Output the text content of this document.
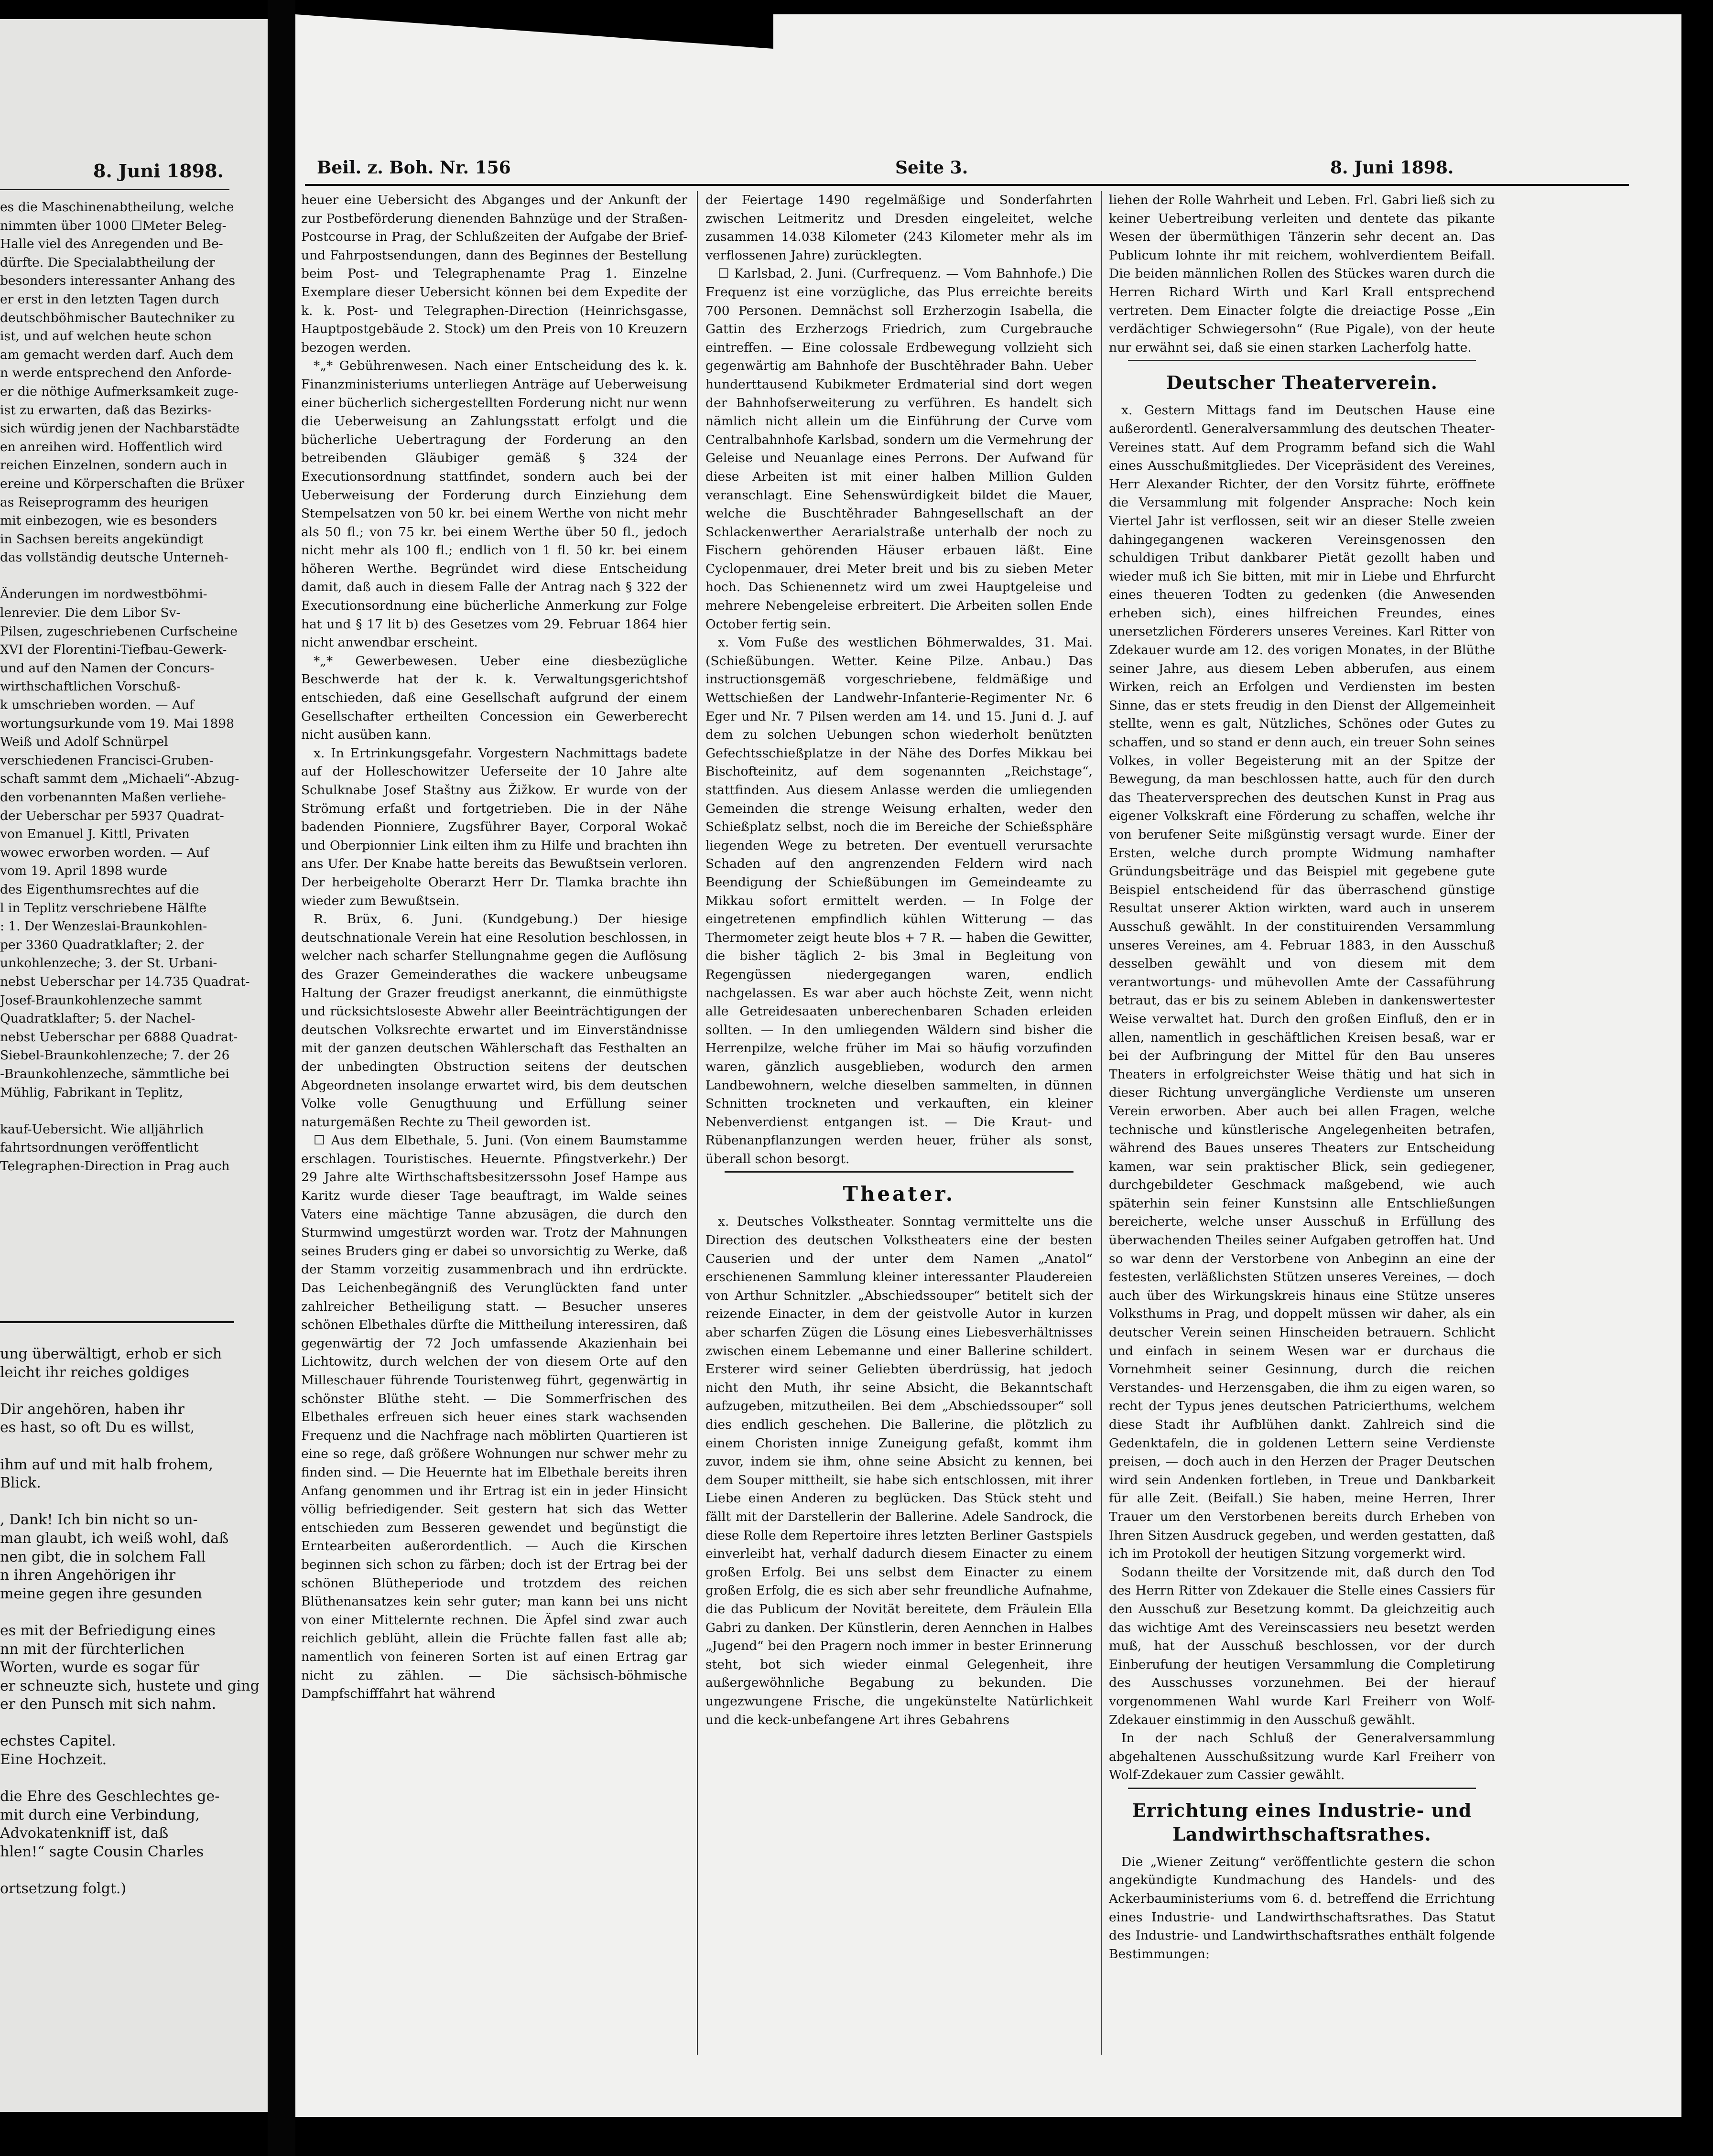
8. Juni 1898.
es die Maschinenabtheilung, welche
nimmten über 1000 ☐Meter Beleg-
Halle viel des Anregenden und Be-
dürfte. Die Specialabtheilung der
besonders interessanter Anhang des
er erst in den letzten Tagen durch
deutschböhmischer Bautechniker zu
ist, und auf welchen heute schon
am gemacht werden darf. Auch dem
n werde entsprechend den Anforde-
er die nöthige Aufmerksamkeit zuge-
ist zu erwarten, daß das Bezirks-
sich würdig jenen der Nachbarstädte
en anreihen wird. Hoffentlich wird
reichen Einzelnen, sondern auch in
ereine und Körperschaften die Brüxer
as Reiseprogramm des heurigen
mit einbezogen, wie es besonders
in Sachsen bereits angekündigt
das vollständig deutsche Unterneh-
Änderungen im nordwestböhmi-
lenrevier. Die dem Libor Sv-
Pilsen, zugeschriebenen Curfscheine
XVI der Florentini-Tiefbau-Gewerk-
und auf den Namen der Concurs-
wirthschaftlichen Vorschuß-
k umschrieben worden. — Auf
wortungsurkunde vom 19. Mai 1898
Weiß und Adolf Schnürpel
verschiedenen Francisci-Gruben-
schaft sammt dem „Michaeli“-Abzug-
den vorbenannten Maßen verliehe-
der Ueberschar per 5937 Quadrat-
von Emanuel J. Kittl, Privaten
wowec erworben worden. — Auf
vom 19. April 1898 wurde
des Eigenthumsrechtes auf die
l in Teplitz verschriebene Hälfte
: 1. Der Wenzeslai-Braunkohlen-
per 3360 Quadratklafter; 2. der
unkohlenzeche; 3. der St. Urbani-
nebst Ueberschar per 14.735 Quadrat-
Josef-Braunkohlenzeche sammt
Quadratklafter; 5. der Nachel-
nebst Ueberschar per 6888 Quadrat-
Siebel-Braunkohlenzeche; 7. der 26
-Braunkohlenzeche, sämmtliche bei
Mühlig, Fabrikant in Teplitz,
kauf-Uebersicht. Wie alljährlich
fahrtsordnungen veröffentlicht
Telegraphen-Direction in Prag auch
ung überwältigt, erhob er sich
leicht ihr reiches goldiges
Dir angehören, haben ihr
es hast, so oft Du es willst,
ihm auf und mit halb frohem,
Blick.
, Dank! Ich bin nicht so un-
man glaubt, ich weiß wohl, daß
nen gibt, die in solchem Fall
n ihren Angehörigen ihr
meine gegen ihre gesunden
es mit der Befriedigung eines
nn mit der fürchterlichen
Worten, wurde es sogar für
er schneuzte sich, hustete und ging
er den Punsch mit sich nahm.
echstes Capitel.
Eine Hochzeit.
die Ehre des Geschlechtes ge-
mit durch eine Verbindung,
Advokatenkniff ist, daß
hlen!“ sagte Cousin Charles
ortsetzung folgt.)
Beil. z. Boh. Nr. 156	Seite 3.	8. Juni 1898.

heuer eine Uebersicht des Abganges und der Ankunft der zur Postbeförderung dienenden Bahnzüge und der Straßen-Postcourse in Prag, der Schlußzeiten der Aufgabe der Brief- und Fahrpostsendungen, dann des Beginnes der Bestellung beim Post- und Telegraphenamte Prag 1. Einzelne Exemplare dieser Uebersicht können bei dem Expedite der k. k. Post- und Telegraphen-Direction (Heinrichsgasse, Hauptpostgebäude 2. Stock) um den Preis von 10 Kreuzern bezogen werden.

*„* Gebührenwesen. Nach einer Entscheidung des k. k. Finanzministeriums unterliegen Anträge auf Ueberweisung einer bücherlich sichergestellten Forderung nicht nur wenn die Ueberweisung an Zahlungsstatt erfolgt und die bücherliche Uebertragung der Forderung an den betreibenden Gläubiger gemäß § 324 der Executionsordnung stattfindet, sondern auch bei der Ueberweisung der Forderung durch Einziehung dem Stempelsatzen von 50 kr. bei einem Werthe von nicht mehr als 50 fl.; von 75 kr. bei einem Werthe über 50 fl., jedoch nicht mehr als 100 fl.; endlich von 1 fl. 50 kr. bei einem höheren Werthe. Begründet wird diese Entscheidung damit, daß auch in diesem Falle der Antrag nach § 322 der Executionsordnung eine bücherliche Anmerkung zur Folge hat und § 17 lit b) des Gesetzes vom 29. Februar 1864 hier nicht anwendbar erscheint.

*„* Gewerbewesen. Ueber eine diesbezügliche Beschwerde hat der k. k. Verwaltungsgerichtshof entschieden, daß eine Gesellschaft aufgrund der einem Gesellschafter ertheilten Concession ein Gewerberecht nicht ausüben kann.

x. In Ertrinkungsgefahr. Vorgestern Nachmittags badete auf der Holleschowitzer Ueferseite der 10 Jahre alte Schulknabe Josef Staštny aus Žižkow. Er wurde von der Strömung erfaßt und fortgetrieben. Die in der Nähe badenden Pionniere, Zugsführer Bayer, Corporal Wokač und Oberpionnier Link eilten ihm zu Hilfe und brachten ihn ans Ufer. Der Knabe hatte bereits das Bewußtsein verloren. Der herbeigeholte Oberarzt Herr Dr. Tlamka brachte ihn wieder zum Bewußtsein.

R. Brüx, 6. Juni. (Kundgebung.) Der hiesige deutschnationale Verein hat eine Resolution beschlossen, in welcher nach scharfer Stellungnahme gegen die Auflösung des Grazer Gemeinderathes die wackere unbeugsame Haltung der Grazer freudigst anerkannt, die einmüthigste und rücksichtsloseste Abwehr aller Beeinträchtigungen der deutschen Volksrechte erwartet und im Einverständnisse mit der ganzen deutschen Wählerschaft das Festhalten an der unbedingten Obstruction seitens der deutschen Abgeordneten insolange erwartet wird, bis dem deutschen Volke volle Genugthuung und Erfüllung seiner naturgemäßen Rechte zu Theil geworden ist.

☐ Aus dem Elbethale, 5. Juni. (Von einem Baumstamme erschlagen. Touristisches. Heuernte. Pfingstverkehr.) Der 29 Jahre alte Wirthschaftsbesitzerssohn Josef Hampe aus Karitz wurde dieser Tage beauftragt, im Walde seines Vaters eine mächtige Tanne abzusägen, die durch den Sturmwind umgestürzt worden war. Trotz der Mahnungen seines Bruders ging er dabei so unvorsichtig zu Werke, daß der Stamm vorzeitig zusammenbrach und ihn erdrückte. Das Leichenbegängniß des Verunglückten fand unter zahlreicher Betheiligung statt. — Besucher unseres schönen Elbethales dürfte die Mittheilung interessiren, daß gegenwärtig der 72 Joch umfassende Akazienhain bei Lichtowitz, durch welchen der von diesem Orte auf den Milleschauer führende Touristenweg führt, gegenwärtig in schönster Blüthe steht. — Die Sommerfrischen des Elbethales erfreuen sich heuer eines stark wachsenden Frequenz und die Nachfrage nach möblirten Quartieren ist eine so rege, daß größere Wohnungen nur schwer mehr zu finden sind. — Die Heuernte hat im Elbethale bereits ihren Anfang genommen und ihr Ertrag ist ein in jeder Hinsicht völlig befriedigender. Seit gestern hat sich das Wetter entschieden zum Besseren gewendet und begünstigt die Erntearbeiten außerordentlich. — Auch die Kirschen beginnen sich schon zu färben; doch ist der Ertrag bei der schönen Blütheperiode und trotzdem des reichen Blüthenansatzes kein sehr guter; man kann bei uns nicht von einer Mittelernte rechnen. Die Äpfel sind zwar auch reichlich geblüht, allein die Früchte fallen fast alle ab; namentlich von feineren Sorten ist auf einen Ertrag gar nicht zu zählen. — Die sächsisch-böhmische Dampfschifffahrt hat während

der Feiertage 1490 regelmäßige und Sonderfahrten zwischen Leitmeritz und Dresden eingeleitet, welche zusammen 14.038 Kilometer (243 Kilometer mehr als im verflossenen Jahre) zurücklegten.

☐ Karlsbad, 2. Juni. (Curfrequenz. — Vom Bahnhofe.) Die Frequenz ist eine vorzügliche, das Plus erreichte bereits 700 Personen. Demnächst soll Erzherzogin Isabella, die Gattin des Erzherzogs Friedrich, zum Curgebrauche eintreffen. — Eine colossale Erdbewegung vollzieht sich gegenwärtig am Bahnhofe der Buschtěhrader Bahn. Ueber hunderttausend Kubikmeter Erdmaterial sind dort wegen der Bahnhofserweiterung zu verführen. Es handelt sich nämlich nicht allein um die Einführung der Curve vom Centralbahnhofe Karlsbad, sondern um die Vermehrung der Geleise und Neuanlage eines Perrons. Der Aufwand für diese Arbeiten ist mit einer halben Million Gulden veranschlagt. Eine Sehenswürdigkeit bildet die Mauer, welche die Buschtěhrader Bahngesellschaft an der Schlackenwerther Aerarialstraße unterhalb der noch zu Fischern gehörenden Häuser erbauen läßt. Eine Cyclopenmauer, drei Meter breit und bis zu sieben Meter hoch. Das Schienennetz wird um zwei Hauptgeleise und mehrere Nebengeleise erbreitert. Die Arbeiten sollen Ende October fertig sein.

x. Vom Fuße des westlichen Böhmerwaldes, 31. Mai. (Schießübungen. Wetter. Keine Pilze. Anbau.) Das instructionsgemäß vorgeschriebene, feldmäßige und Wettschießen der Landwehr-Infanterie-Regimenter Nr. 6 Eger und Nr. 7 Pilsen werden am 14. und 15. Juni d. J. auf dem zu solchen Uebungen schon wiederholt benützten Gefechtsschießplatze in der Nähe des Dorfes Mikkau bei Bischofteinitz, auf dem sogenannten „Reichstage“, stattfinden. Aus diesem Anlasse werden die umliegenden Gemeinden die strenge Weisung erhalten, weder den Schießplatz selbst, noch die im Bereiche der Schießsphäre liegenden Wege zu betreten. Der eventuell verursachte Schaden auf den angrenzenden Feldern wird nach Beendigung der Schießübungen im Gemeindeamte zu Mikkau sofort ermittelt werden. — In Folge der eingetretenen empfindlich kühlen Witterung — das Thermometer zeigt heute blos + 7 R. — haben die Gewitter, die bisher täglich 2- bis 3mal in Begleitung von Regengüssen niedergegangen waren, endlich nachgelassen. Es war aber auch höchste Zeit, wenn nicht alle Getreidesaaten unberechenbaren Schaden erleiden sollten. — In den umliegenden Wäldern sind bisher die Herrenpilze, welche früher im Mai so häufig vorzufinden waren, gänzlich ausgeblieben, wodurch den armen Landbewohnern, welche dieselben sammelten, in dünnen Schnitten trockneten und verkauften, ein kleiner Nebenverdienst entgangen ist. — Die Kraut- und Rübenanpflanzungen werden heuer, früher als sonst, überall schon besorgt.

Theater.

x. Deutsches Volkstheater. Sonntag vermittelte uns die Direction des deutschen Volkstheaters eine der besten Causerien und der unter dem Namen „Anatol“ erschienenen Sammlung kleiner interessanter Plaudereien von Arthur Schnitzler. „Abschiedssouper“ betitelt sich der reizende Einacter, in dem der geistvolle Autor in kurzen aber scharfen Zügen die Lösung eines Liebesverhältnisses zwischen einem Lebemanne und einer Ballerine schildert. Ersterer wird seiner Geliebten überdrüssig, hat jedoch nicht den Muth, ihr seine Absicht, die Bekanntschaft aufzugeben, mitzutheilen. Bei dem „Abschiedssouper“ soll dies endlich geschehen. Die Ballerine, die plötzlich zu einem Choristen innige Zuneigung gefaßt, kommt ihm zuvor, indem sie ihm, ohne seine Absicht zu kennen, bei dem Souper mittheilt, sie habe sich entschlossen, mit ihrer Liebe einen Anderen zu beglücken. Das Stück steht und fällt mit der Darstellerin der Ballerine. Adele Sandrock, die diese Rolle dem Repertoire ihres letzten Berliner Gastspiels einverleibt hat, verhalf dadurch diesem Einacter zu einem großen Erfolg. Bei uns selbst dem Einacter zu einem großen Erfolg, die es sich aber sehr freundliche Aufnahme, die das Publicum der Novität bereitete, dem Fräulein Ella Gabri zu danken. Der Künstlerin, deren Aennchen in Halbes „Jugend“ bei den Pragern noch immer in bester Erinnerung steht, bot sich wieder einmal Gelegenheit, ihre außergewöhnliche Begabung zu bekunden. Die ungezwungene Frische, die ungekünstelte Natürlichkeit und die keck-unbefangene Art ihres Gebahrens

liehen der Rolle Wahrheit und Leben. Frl. Gabri ließ sich zu keiner Uebertreibung verleiten und dentete das pikante Wesen der übermüthigen Tänzerin sehr decent an. Das Publicum lohnte ihr mit reichem, wohlverdientem Beifall. Die beiden männlichen Rollen des Stückes waren durch die Herren Richard Wirth und Karl Krall entsprechend vertreten. Dem Einacter folgte die dreiactige Posse „Ein verdächtiger Schwiegersohn“ (Rue Pigale), von der heute nur erwähnt sei, daß sie einen starken Lacherfolg hatte.

Deutscher Theaterverein.

x. Gestern Mittags fand im Deutschen Hause eine außerordentl. Generalversammlung des deutschen Theater-Vereines statt. Auf dem Programm befand sich die Wahl eines Ausschußmitgliedes. Der Vicepräsident des Vereines, Herr Alexander Richter, der den Vorsitz führte, eröffnete die Versammlung mit folgender Ansprache: Noch kein Viertel Jahr ist verflossen, seit wir an dieser Stelle zweien dahingegangenen wackeren Vereinsgenossen den schuldigen Tribut dankbarer Pietät gezollt haben und wieder muß ich Sie bitten, mit mir in Liebe und Ehrfurcht eines theueren Todten zu gedenken (die Anwesenden erheben sich), eines hilfreichen Freundes, eines unersetzlichen Förderers unseres Vereines. Karl Ritter von Zdekauer wurde am 12. des vorigen Monates, in der Blüthe seiner Jahre, aus diesem Leben abberufen, aus einem Wirken, reich an Erfolgen und Verdiensten im besten Sinne, das er stets freudig in den Dienst der Allgemeinheit stellte, wenn es galt, Nützliches, Schönes oder Gutes zu schaffen, und so stand er denn auch, ein treuer Sohn seines Volkes, in voller Begeisterung mit an der Spitze der Bewegung, da man beschlossen hatte, auch für den durch das Theaterversprechen des deutschen Kunst in Prag aus eigener Volkskraft eine Förderung zu schaffen, welche ihr von berufener Seite mißgünstig versagt wurde. Einer der Ersten, welche durch prompte Widmung namhafter Gründungsbeiträge und das Beispiel mit gegebene gute Beispiel entscheidend für das überraschend günstige Resultat unserer Aktion wirkten, ward auch in unserem Ausschuß gewählt. In der constituirenden Versammlung unseres Vereines, am 4. Februar 1883, in den Ausschuß desselben gewählt und von diesem mit dem verantwortungs- und mühevollen Amte der Cassaführung betraut, das er bis zu seinem Ableben in dankenswertester Weise verwaltet hat. Durch den großen Einfluß, den er in allen, namentlich in geschäftlichen Kreisen besaß, war er bei der Aufbringung der Mittel für den Bau unseres Theaters in erfolgreichster Weise thätig und hat sich in dieser Richtung unvergängliche Verdienste um unseren Verein erworben. Aber auch bei allen Fragen, welche technische und künstlerische Angelegenheiten betrafen, während des Baues unseres Theaters zur Entscheidung kamen, war sein praktischer Blick, sein gediegener, durchgebildeter Geschmack maßgebend, wie auch späterhin sein feiner Kunstsinn alle Entschließungen bereicherte, welche unser Ausschuß in Erfüllung des überwachenden Theiles seiner Aufgaben getroffen hat. Und so war denn der Verstorbene von Anbeginn an eine der festesten, verläßlichsten Stützen unseres Vereines, — doch auch über des Wirkungskreis hinaus eine Stütze unseres Volksthums in Prag, und doppelt müssen wir daher, als ein deutscher Verein seinen Hinscheiden betrauern. Schlicht und einfach in seinem Wesen war er durchaus die Vornehmheit seiner Gesinnung, durch die reichen Verstandes- und Herzensgaben, die ihm zu eigen waren, so recht der Typus jenes deutschen Patricierthums, welchem diese Stadt ihr Aufblühen dankt. Zahlreich sind die Gedenktafeln, die in goldenen Lettern seine Verdienste preisen, — doch auch in den Herzen der Prager Deutschen wird sein Andenken fortleben, in Treue und Dankbarkeit für alle Zeit. (Beifall.) Sie haben, meine Herren, Ihrer Trauer um den Verstorbenen bereits durch Erheben von Ihren Sitzen Ausdruck gegeben, und werden gestatten, daß ich im Protokoll der heutigen Sitzung vorgemerkt wird.

Sodann theilte der Vorsitzende mit, daß durch den Tod des Herrn Ritter von Zdekauer die Stelle eines Cassiers für den Ausschuß zur Besetzung kommt. Da gleichzeitig auch das wichtige Amt des Vereinscassiers neu besetzt werden muß, hat der Ausschuß beschlossen, vor der durch Einberufung der heutigen Versammlung die Completirung des Ausschusses vorzunehmen. Bei der hierauf vorgenommenen Wahl wurde Karl Freiherr von Wolf-Zdekauer einstimmig in den Ausschuß gewählt.

In der nach Schluß der Generalversammlung abgehaltenen Ausschußsitzung wurde Karl Freiherr von Wolf-Zdekauer zum Cassier gewählt.

Errichtung eines Industrie- und Landwirthschaftsrathes.

Die „Wiener Zeitung“ veröffentlichte gestern die schon angekündigte Kundmachung des Handels- und des Ackerbauministeriums vom 6. d. betreffend die Errichtung eines Industrie- und Landwirthschaftsrathes. Das Statut des Industrie- und Landwirthschaftsrathes enthält folgende Bestimmungen:
